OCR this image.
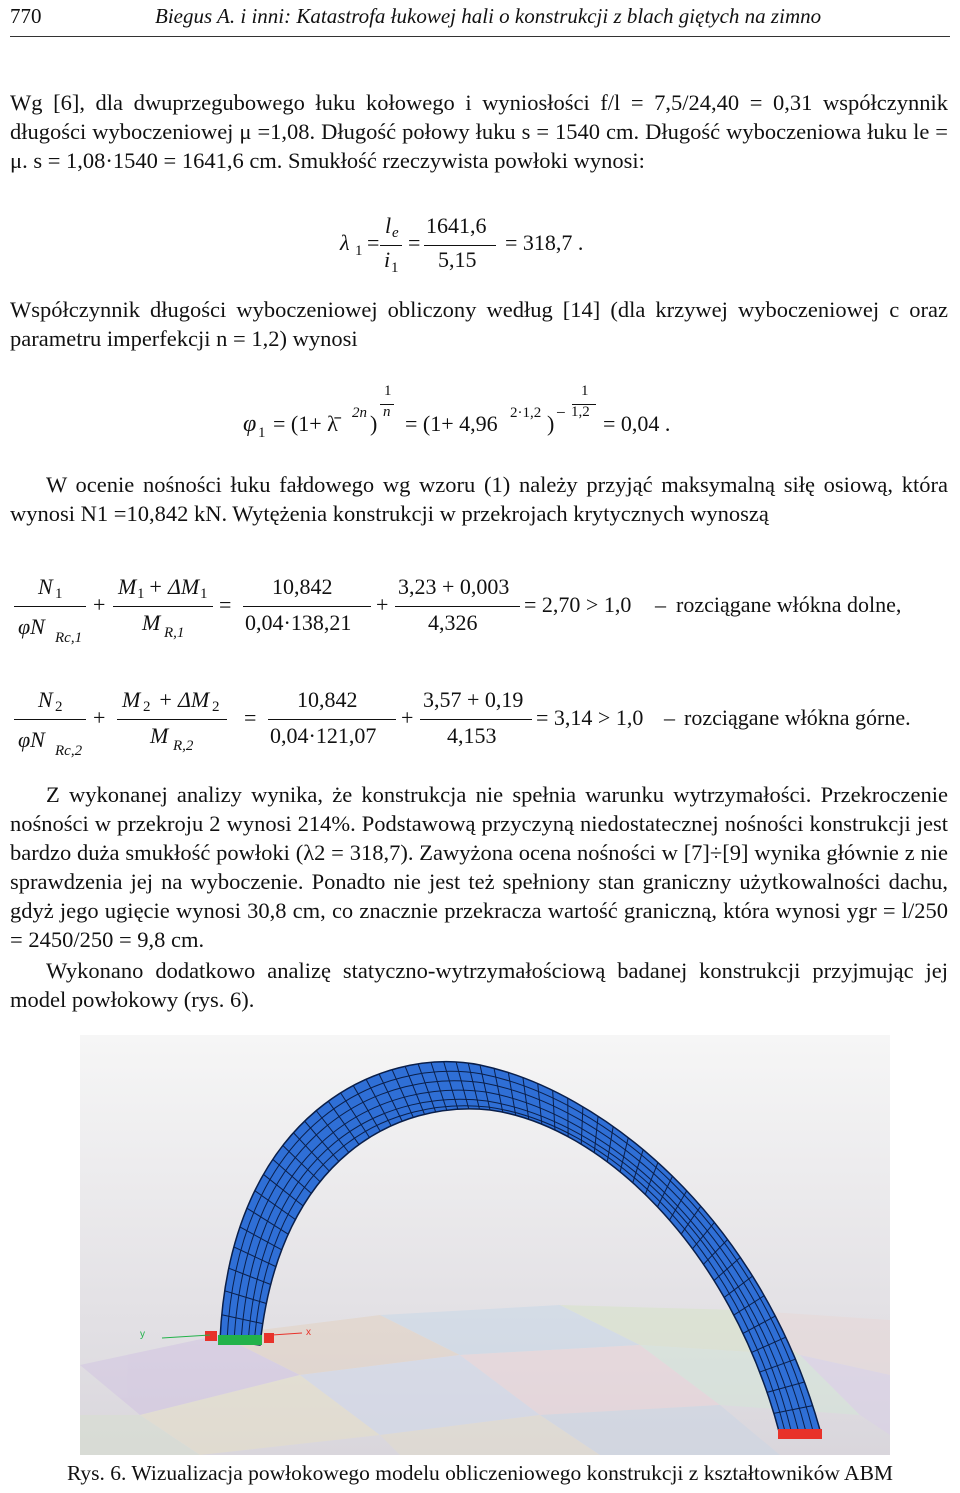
770	Biegus A. i inni: Katastrofa łukowej hali o konstrukcji z blach giętych na zimno
Wg [6], dla dwuprzegubowego łuku kołowego i wyniosłości f/l = 7,5/24,40 = 0,31 współczynnik długości wyboczeniowej μ =1,08. Długość połowy łuku s = 1540 cm. Długość wyboczeniowa łuku le = μ. s = 1,08·1540 = 1641,6 cm. Smukłość rzeczywista powłoki wynosi:
λ 1 =
l e
i 1
=
1641,6
5,15
= 318,7 .
Współczynnik długości wyboczeniowej obliczony według [14] (dla krzywej wyboczeniowej c oraz parametru imperfekcji n = 1,2) wynosi
φ 1 = (1+ λ̄ 2n )
1
n = (1+ 4,96 2·1,2 ) −
1
1,2 = 0,04 .
W ocenie nośności łuku fałdowego wg wzoru (1) należy przyjąć maksymalną siłę osiową, która wynosi N1 =10,842 kN. Wytężenia konstrukcji w przekrojach krytycznych wynoszą
N 1
φN Rc,1
+
M 1 + ΔM 1
M R,1
=
10,842
0,04·138,21
+
3,23 + 0,003
4,326
= 2,70 > 1,0 – rozciągane włókna dolne,
N 2
φN Rc,2
+
M 2 + ΔM 2
M R,2
=
10,842
0,04·121,07
+
3,57 + 0,19
4,153
= 3,14 > 1,0 – rozciągane włókna górne.
Z wykonanej analizy wynika, że konstrukcja nie spełnia warunku wytrzymałości. Przekroczenie nośności w przekroju 2 wynosi 214%. Podstawową przyczyną niedostatecznej nośności konstrukcji jest bardzo duża smukłość powłoki (λ2 = 318,7). Zawyżona ocena nośności w [7]÷[9] wynika głównie z nie sprawdzenia jej na wyboczenie. Ponadto nie jest też spełniony stan graniczny użytkowalności dachu, gdyż jego ugięcie wynosi 30,8 cm, co znacznie przekracza wartość graniczną, która wynosi ygr = l/250 = 2450/250 = 9,8 cm.
Wykonano dodatkowo analizę statyczno-wytrzymałościową badanej konstrukcji przyjmując jej model powłokowy (rys. 6).
y	x
Rys. 6. Wizualizacja powłokowego modelu obliczeniowego konstrukcji z kształtowników ABM
